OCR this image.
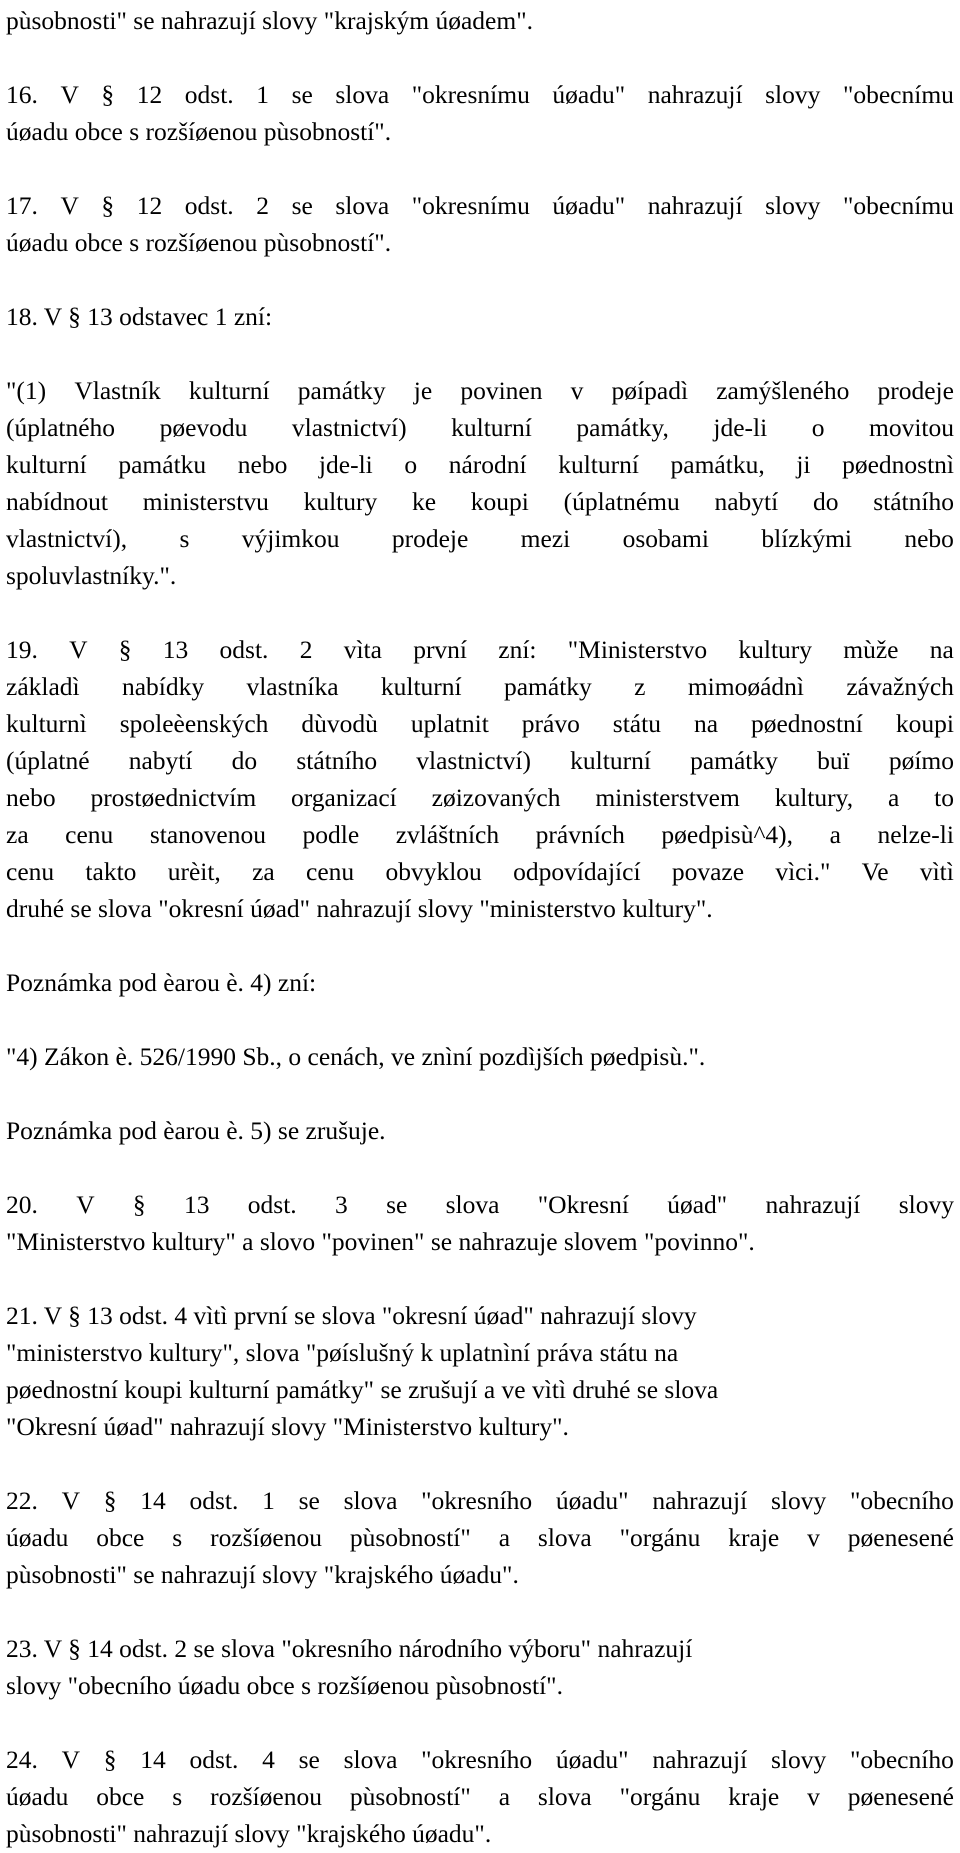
pùsobnosti" se nahrazují slovy "krajským úøadem".
16. V § 12 odst. 1 se slova "okresnímu úøadu" nahrazují slovy "obecnímu
úøadu obce s rozšíøenou pùsobností".
17. V § 12 odst. 2 se slova "okresnímu úøadu" nahrazují slovy "obecnímu
úøadu obce s rozšíøenou pùsobností".
18. V § 13 odstavec 1 zní:
"(1) Vlastník kulturní památky je povinen v pøípadì zamýšleného prodeje
(úplatného pøevodu vlastnictví) kulturní památky, jde-li o movitou
kulturní památku nebo jde-li o národní kulturní památku, ji pøednostnì
nabídnout ministerstvu kultury ke koupi (úplatnému nabytí do státního
vlastnictví), s výjimkou prodeje mezi osobami blízkými nebo
spoluvlastníky.".
19. V § 13 odst. 2 vìta první zní: "Ministerstvo kultury mùže na
základì nabídky vlastníka kulturní památky z mimoøádnì závažných
kulturnì spoleèenských dùvodù uplatnit právo státu na pøednostní koupi
(úplatné nabytí do státního vlastnictví) kulturní památky buï pøímo
nebo prostøednictvím organizací zøizovaných ministerstvem kultury, a to
za cenu stanovenou podle zvláštních právních pøedpisù^4), a nelze-li
cenu takto urèit, za cenu obvyklou odpovídající povaze vìci." Ve vìtì
druhé se slova "okresní úøad" nahrazují slovy "ministerstvo kultury".
Poznámka pod èarou è. 4) zní:
"4) Zákon è. 526/1990 Sb., o cenách, ve znìní pozdìjších pøedpisù.".
Poznámka pod èarou è. 5) se zrušuje.
20. V § 13 odst. 3 se slova "Okresní úøad" nahrazují slovy
"Ministerstvo kultury" a slovo "povinen" se nahrazuje slovem "povinno".
21. V § 13 odst. 4 vìtì první se slova "okresní úøad" nahrazují slovy
"ministerstvo kultury", slova "pøíslušný k uplatnìní práva státu na
pøednostní koupi kulturní památky" se zrušují a ve vìtì druhé se slova
"Okresní úøad" nahrazují slovy "Ministerstvo kultury".
22. V § 14 odst. 1 se slova "okresního úøadu" nahrazují slovy "obecního
úøadu obce s rozšíøenou pùsobností" a slova "orgánu kraje v pøenesené
pùsobnosti" se nahrazují slovy "krajského úøadu".
23. V § 14 odst. 2 se slova "okresního národního výboru" nahrazují
slovy "obecního úøadu obce s rozšíøenou pùsobností".
24. V § 14 odst. 4 se slova "okresního úøadu" nahrazují slovy "obecního
úøadu obce s rozšíøenou pùsobností" a slova "orgánu kraje v pøenesené
pùsobnosti" nahrazují slovy "krajského úøadu".
